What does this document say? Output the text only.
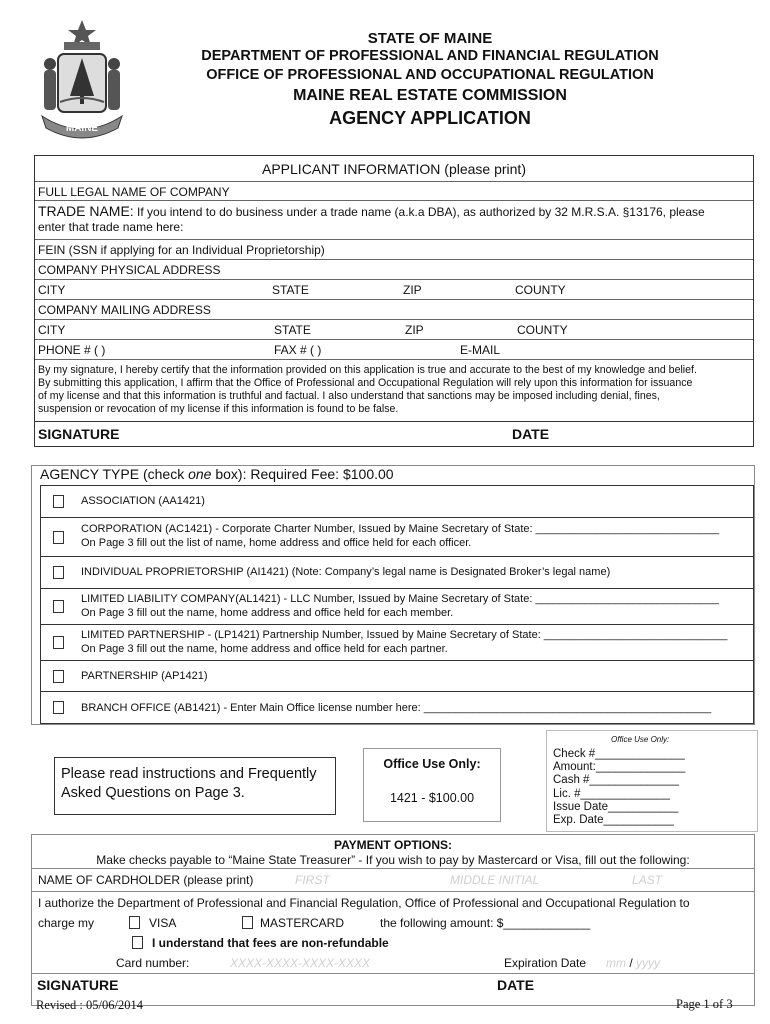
MAINE
STATE OF MAINE
DEPARTMENT OF PROFESSIONAL AND FINANCIAL REGULATION
OFFICE OF PROFESSIONAL AND OCCUPATIONAL REGULATION
MAINE REAL ESTATE COMMISSION
AGENCY APPLICATION
APPLICANT INFORMATION (please print)
FULL LEGAL NAME OF COMPANY
TRADE NAME: If you intend to do business under a trade name (a.k.a DBA), as authorized by 32 M.R.S.A. §13176, please
enter that trade name here:
FEIN (SSN if applying for an Individual Proprietorship)
COMPANY PHYSICAL ADDRESS
CITY	STATE	ZIP	COUNTY
COMPANY MAILING ADDRESS
CITY	STATE	ZIP	COUNTY
PHONE # ( )	FAX # ( )	E-MAIL
By my signature, I hereby certify that the information provided on this application is true and accurate to the best of my knowledge and belief.
By submitting this application, I affirm that the Office of Professional and Occupational Regulation will rely upon this information for issuance
of my license and that this information is truthful and factual. I also understand that sanctions may be imposed including denial, fines,
suspension or revocation of my license if this information is found to be false.
SIGNATURE	DATE
AGENCY TYPE (check one box): Required Fee: $100.00
ASSOCIATION (AA1421)
CORPORATION (AC1421) - Corporate Charter Number, Issued by Maine Secretary of State: ______________________________
On Page 3 fill out the list of name, home address and office held for each officer.
INDIVIDUAL PROPRIETORSHIP (AI1421) (Note: Company’s legal name is Designated Broker’s legal name)
LIMITED LIABILITY COMPANY(AL1421) - LLC Number, Issued by Maine Secretary of State: ______________________________
On Page 3 fill out the name, home address and office held for each member.
LIMITED PARTNERSHIP - (LP1421) Partnership Number, Issued by Maine Secretary of State: ______________________________
On Page 3 fill out the name, home address and office held for each partner.
PARTNERSHIP (AP1421)
BRANCH OFFICE (AB1421) - Enter Main Office license number here: _______________________________________________
Please read instructions and Frequently
Asked Questions on Page 3.
Office Use Only:
1421 - $100.00
Office Use Only:
Check #______________
Amount:______________
Cash #______________
Lic. #______________
Issue Date___________
Exp. Date___________
PAYMENT OPTIONS:
Make checks payable to “Maine State Treasurer” - If you wish to pay by Mastercard or Visa, fill out the following:
NAME OF CARDHOLDER (please print)	FIRST	MIDDLE INITIAL	LAST
I authorize the Department of Professional and Financial Regulation, Office of Professional and Occupational Regulation to
charge my	VISA	MASTERCARD	the following amount: $_____________
I understand that fees are non-refundable
Card number:	XXXX-XXXX-XXXX-XXXX	Expiration Date mm / yyyy
SIGNATURE	DATE
Revised : 05/06/2014	Page 1 of 3
